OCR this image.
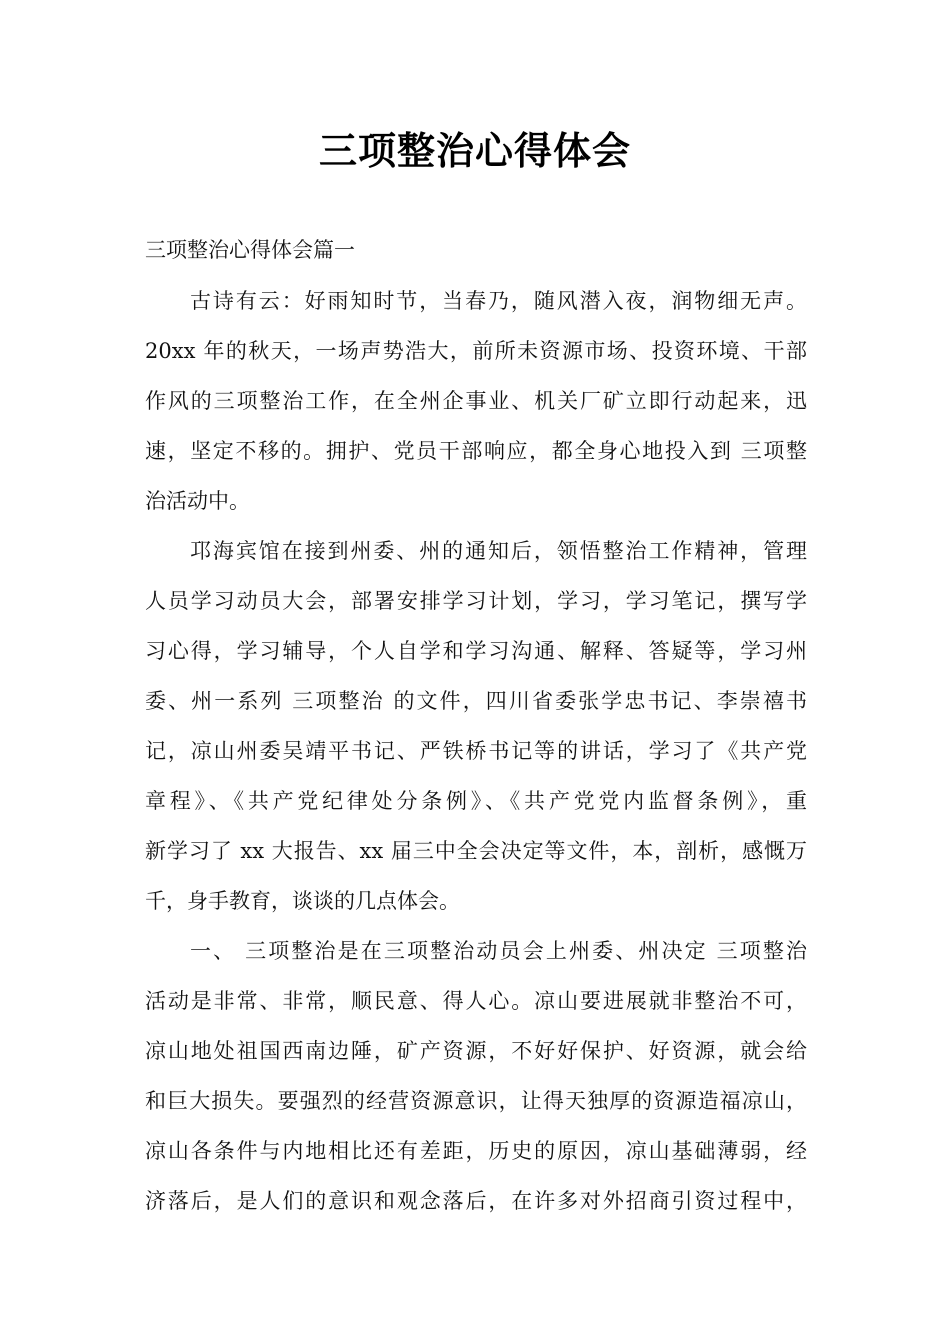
三项整治心得体会
三项整治心得体会篇一
古诗有云：好雨知时节，当春乃，随风潜入夜，润物细无声。
20xx 年的秋天，一场声势浩大，前所未资源市场、投资环境、干部
作风的三项整治工作，在全州企事业、机关厂矿立即行动起来，迅
速，坚定不移的。拥护、党员干部响应，都全身心地投入到 三项整
治活动中。
邛海宾馆在接到州委、州的通知后，领悟整治工作精神，管理
人员学习动员大会，部署安排学习计划，学习，学习笔记，撰写学
习心得，学习辅导，个人自学和学习沟通、解释、答疑等，学习州
委、州一系列 三项整治 的文件，四川省委张学忠书记、李崇禧书
记，凉山州委吴靖平书记、严铁桥书记等的讲话，学习了《共产党
章程》、《共产党纪律处分条例》、《共产党党内监督条例》，重
新学习了 xx 大报告、xx 届三中全会决定等文件，本，剖析，感慨万
千，身手教育，谈谈的几点体会。
一、 三项整治是在三项整治动员会上州委、州决定 三项整治
活动是非常、非常，顺民意、得人心。凉山要进展就非整治不可，
凉山地处祖国西南边陲，矿产资源，不好好保护、好资源，就会给
和巨大损失。要强烈的经营资源意识，让得天独厚的资源造福凉山，
凉山各条件与内地相比还有差距，历史的原因，凉山基础薄弱，经
济落后，是人们的意识和观念落后，在许多对外招商引资过程中，
